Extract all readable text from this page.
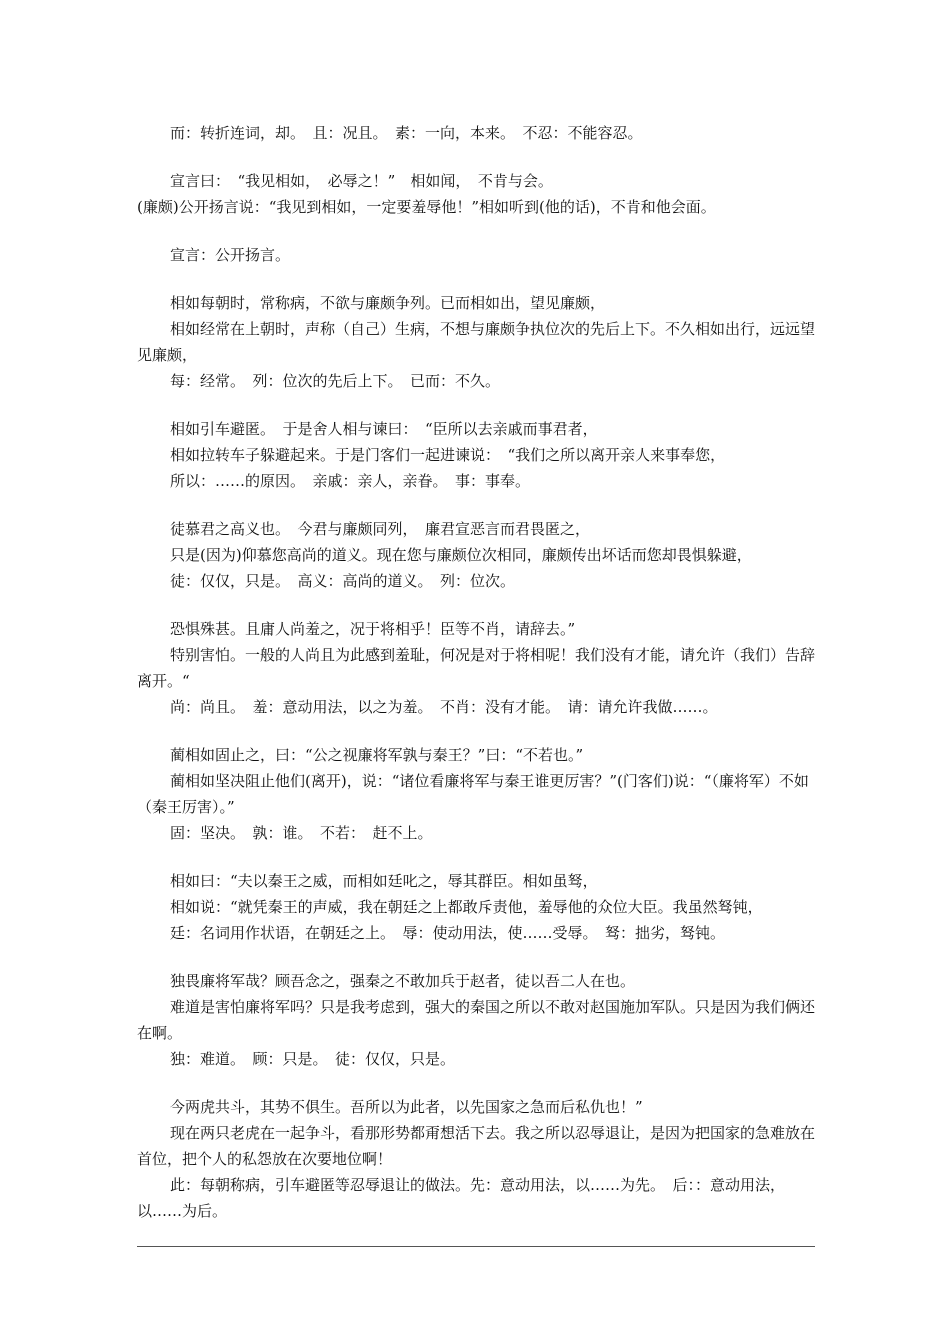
而：转折连词，却。　且：况且。　素：一向，本来。　不忍：不能容忍。

宣言曰：　“我见相如，　必辱之！”　相如闻，　不肯与会。

(廉颇)公开扬言说：“我见到相如，一定要羞辱他！”相如听到(他的话)，不肯和他会面。

宣言：公开扬言。

相如每朝时，常称病，不欲与廉颇争列。已而相如出，望见廉颇，

相如经常在上朝时，声称（自己）生病，不想与廉颇争执位次的先后上下。不久相如出行，远远望见廉颇，

每：经常。　列：位次的先后上下。　已而：不久。

相如引车避匿。　于是舍人相与谏曰：　“臣所以去亲戚而事君者，

相如拉转车子躲避起来。于是门客们一起进谏说：　“我们之所以离开亲人来事奉您，

所以：……的原因。　亲戚：亲人，亲眷。　事：事奉。

徒慕君之高义也。　今君与廉颇同列，　廉君宣恶言而君畏匿之，

只是(因为)仰慕您高尚的道义。现在您与廉颇位次相同，廉颇传出坏话而您却畏惧躲避，

徒：仅仅，只是。　高义：高尚的道义。　列：位次。

恐惧殊甚。且庸人尚羞之，况于将相乎！臣等不肖，请辞去。”

特别害怕。一般的人尚且为此感到羞耻，何况是对于将相呢！我们没有才能，请允许（我们）告辞离开。“

尚：尚且。　羞：意动用法，以之为羞。　不肖：没有才能。　请：请允许我做……。

蔺相如固止之，曰：“公之视廉将军孰与秦王？”曰：“不若也。”

蔺相如坚决阻止他们(离开)，说：“诸位看廉将军与秦王谁更厉害？”(门客们)说：“（廉将军）不如（秦王厉害）。”

固：坚决。　孰：谁。　不若：　赶不上。

相如曰：“夫以秦王之威，而相如廷叱之，辱其群臣。相如虽驽，

相如说：“就凭秦王的声威，我在朝廷之上都敢斥责他，羞辱他的众位大臣。我虽然驽钝，

廷：名词用作状语，在朝廷之上。　辱：使动用法，使……受辱。　驽：拙劣，驽钝。

独畏廉将军哉？顾吾念之，强秦之不敢加兵于赵者，徒以吾二人在也。

难道是害怕廉将军吗？只是我考虑到，强大的秦国之所以不敢对赵国施加军队。只是因为我们俩还在啊。

独：难道。　顾：只是。　徒：仅仅，只是。

今两虎共斗，其势不俱生。吾所以为此者，以先国家之急而后私仇也！”

现在两只老虎在一起争斗，看那形势都甭想活下去。我之所以忍辱退让，是因为把国家的急难放在首位，把个人的私怨放在次要地位啊！

此：每朝称病，引车避匿等忍辱退让的做法。先：意动用法，以……为先。　后：：意动用法，以……为后。
